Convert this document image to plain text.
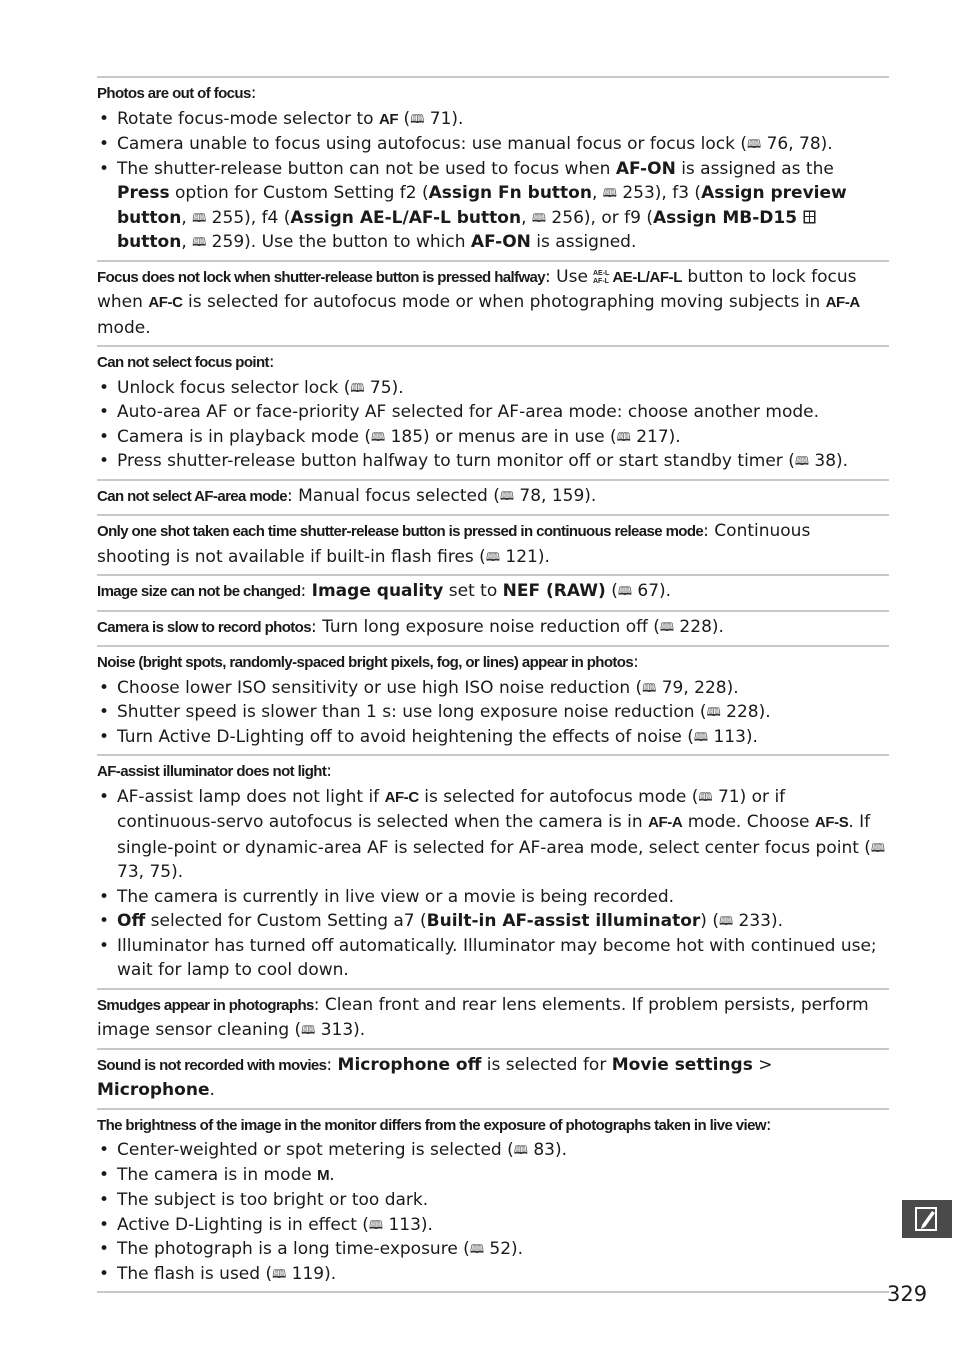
Photos are out of focus:
• Rotate focus-mode selector to AF (🕮 71).
• Camera unable to focus using autofocus: use manual focus or focus lock (🕮 76, 78).
• The shutter-release button can not be used to focus when AF-ON is assigned as the Press option for Custom Setting f2 (Assign Fn button, 🕮 253), f3 (Assign preview button, 🕮 255), f4 (Assign AE-L/AF-L button, 🕮 256), or f9 (Assign MB-D15  button, 🕮 259). Use the button to which AF-ON is assigned.
Focus does not lock when shutter-release button is pressed halfway: Use AE-L
AF-L AE-L/AF-L button to lock focus when AF-C is selected for autofocus mode or when photographing moving subjects in AF-A mode.
Can not select focus point:
• Unlock focus selector lock (🕮 75).
• Auto-area AF or face-priority AF selected for AF-area mode: choose another mode.
• Camera is in playback mode (🕮 185) or menus are in use (🕮 217).
• Press shutter-release button halfway to turn monitor off or start standby timer (🕮 38).
Can not select AF-area mode: Manual focus selected (🕮 78, 159).
Only one shot taken each time shutter-release button is pressed in continuous release mode: Continuous shooting is not available if built-in flash fires (🕮 121).
Image size can not be changed: Image quality set to NEF (RAW) (🕮 67).
Camera is slow to record photos: Turn long exposure noise reduction off (🕮 228).
Noise (bright spots, randomly-spaced bright pixels, fog, or lines) appear in photos:
• Choose lower ISO sensitivity or use high ISO noise reduction (🕮 79, 228).
• Shutter speed is slower than 1 s: use long exposure noise reduction (🕮 228).
• Turn Active D-Lighting off to avoid heightening the effects of noise (🕮 113).
AF-assist illuminator does not light:
• AF-assist lamp does not light if AF-C is selected for autofocus mode (🕮 71) or if continuous-servo autofocus is selected when the camera is in AF-A mode. Choose AF-S. If single-point or dynamic-area AF is selected for AF-area mode, select center focus point (🕮 73, 75).
• The camera is currently in live view or a movie is being recorded.
• Off selected for Custom Setting a7 (Built-in AF-assist illuminator) (🕮 233).
• Illuminator has turned off automatically. Illuminator may become hot with continued use; wait for lamp to cool down.
Smudges appear in photographs: Clean front and rear lens elements. If problem persists, perform image sensor cleaning (🕮 313).
Sound is not recorded with movies: Microphone off is selected for Movie settings > Microphone.
The brightness of the image in the monitor differs from the exposure of photographs taken in live view:
• Center-weighted or spot metering is selected (🕮 83).
• The camera is in mode M.
• The subject is too bright or too dark.
• Active D-Lighting is in effect (🕮 113).
• The photograph is a long time-exposure (🕮 52).
• The flash is used (🕮 119).
329
